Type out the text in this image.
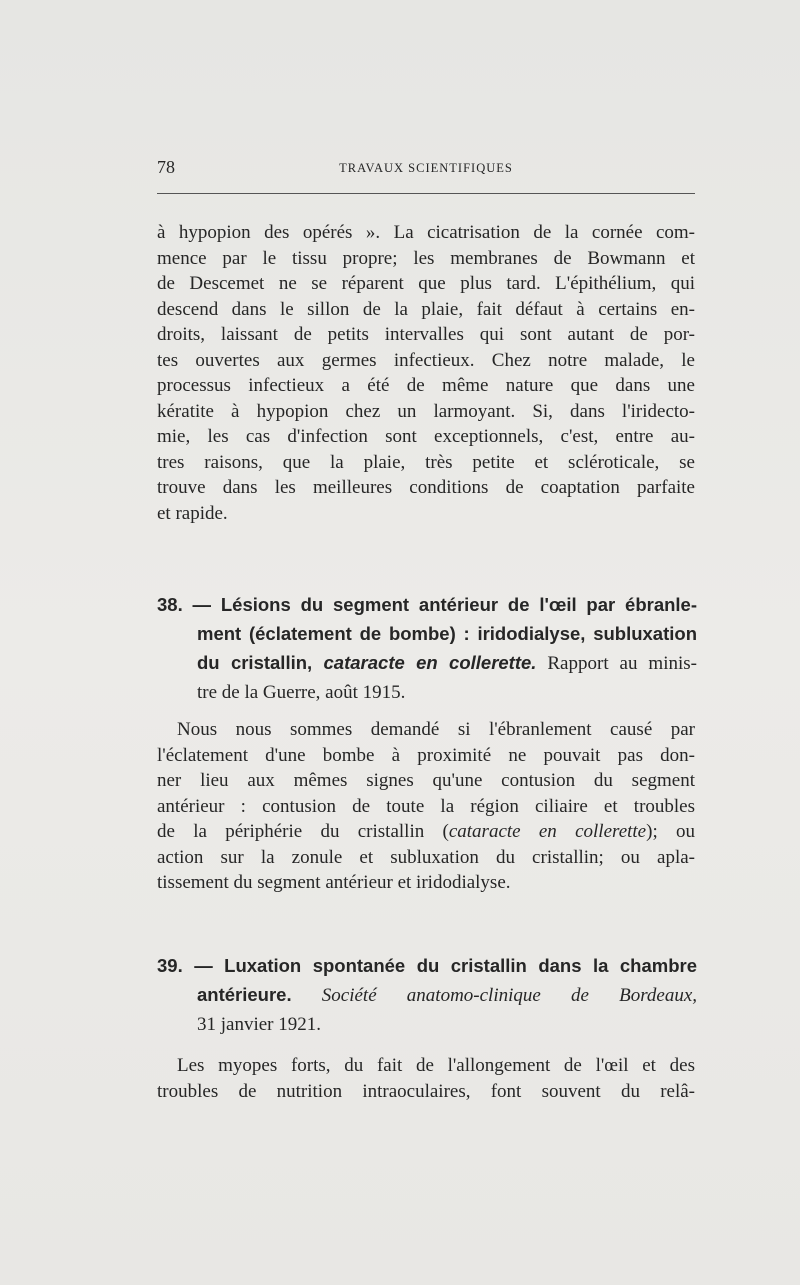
78	TRAVAUX SCIENTIFIQUES
à hypopion des opérés ». La cicatrisation de la cornée com-
mence par le tissu propre; les membranes de Bowmann et
de Descemet ne se réparent que plus tard. L'épithélium, qui
descend dans le sillon de la plaie, fait défaut à certains en-
droits, laissant de petits intervalles qui sont autant de por-
tes ouvertes aux germes infectieux. Chez notre malade, le
processus infectieux a été de même nature que dans une
kératite à hypopion chez un larmoyant. Si, dans l'iridecto-
mie, les cas d'infection sont exceptionnels, c'est, entre au-
tres raisons, que la plaie, très petite et scléroticale, se
trouve dans les meilleures conditions de coaptation parfaite
et rapide.
38. — Lésions du segment antérieur de l'œil par ébranle-
ment (éclatement de bombe) : iridodialyse, subluxation
du cristallin, cataracte en collerette. Rapport au minis-
tre de la Guerre, août 1915.
Nous nous sommes demandé si l'ébranlement causé par
l'éclatement d'une bombe à proximité ne pouvait pas don-
ner lieu aux mêmes signes qu'une contusion du segment
antérieur : contusion de toute la région ciliaire et troubles
de la périphérie du cristallin (cataracte en collerette); ou
action sur la zonule et subluxation du cristallin; ou apla-
tissement du segment antérieur et iridodialyse.
39. — Luxation spontanée du cristallin dans la chambre
antérieure. Société anatomo-clinique de Bordeaux,
31 janvier 1921.
Les myopes forts, du fait de l'allongement de l'œil et des
troubles de nutrition intraoculaires, font souvent du relâ-
